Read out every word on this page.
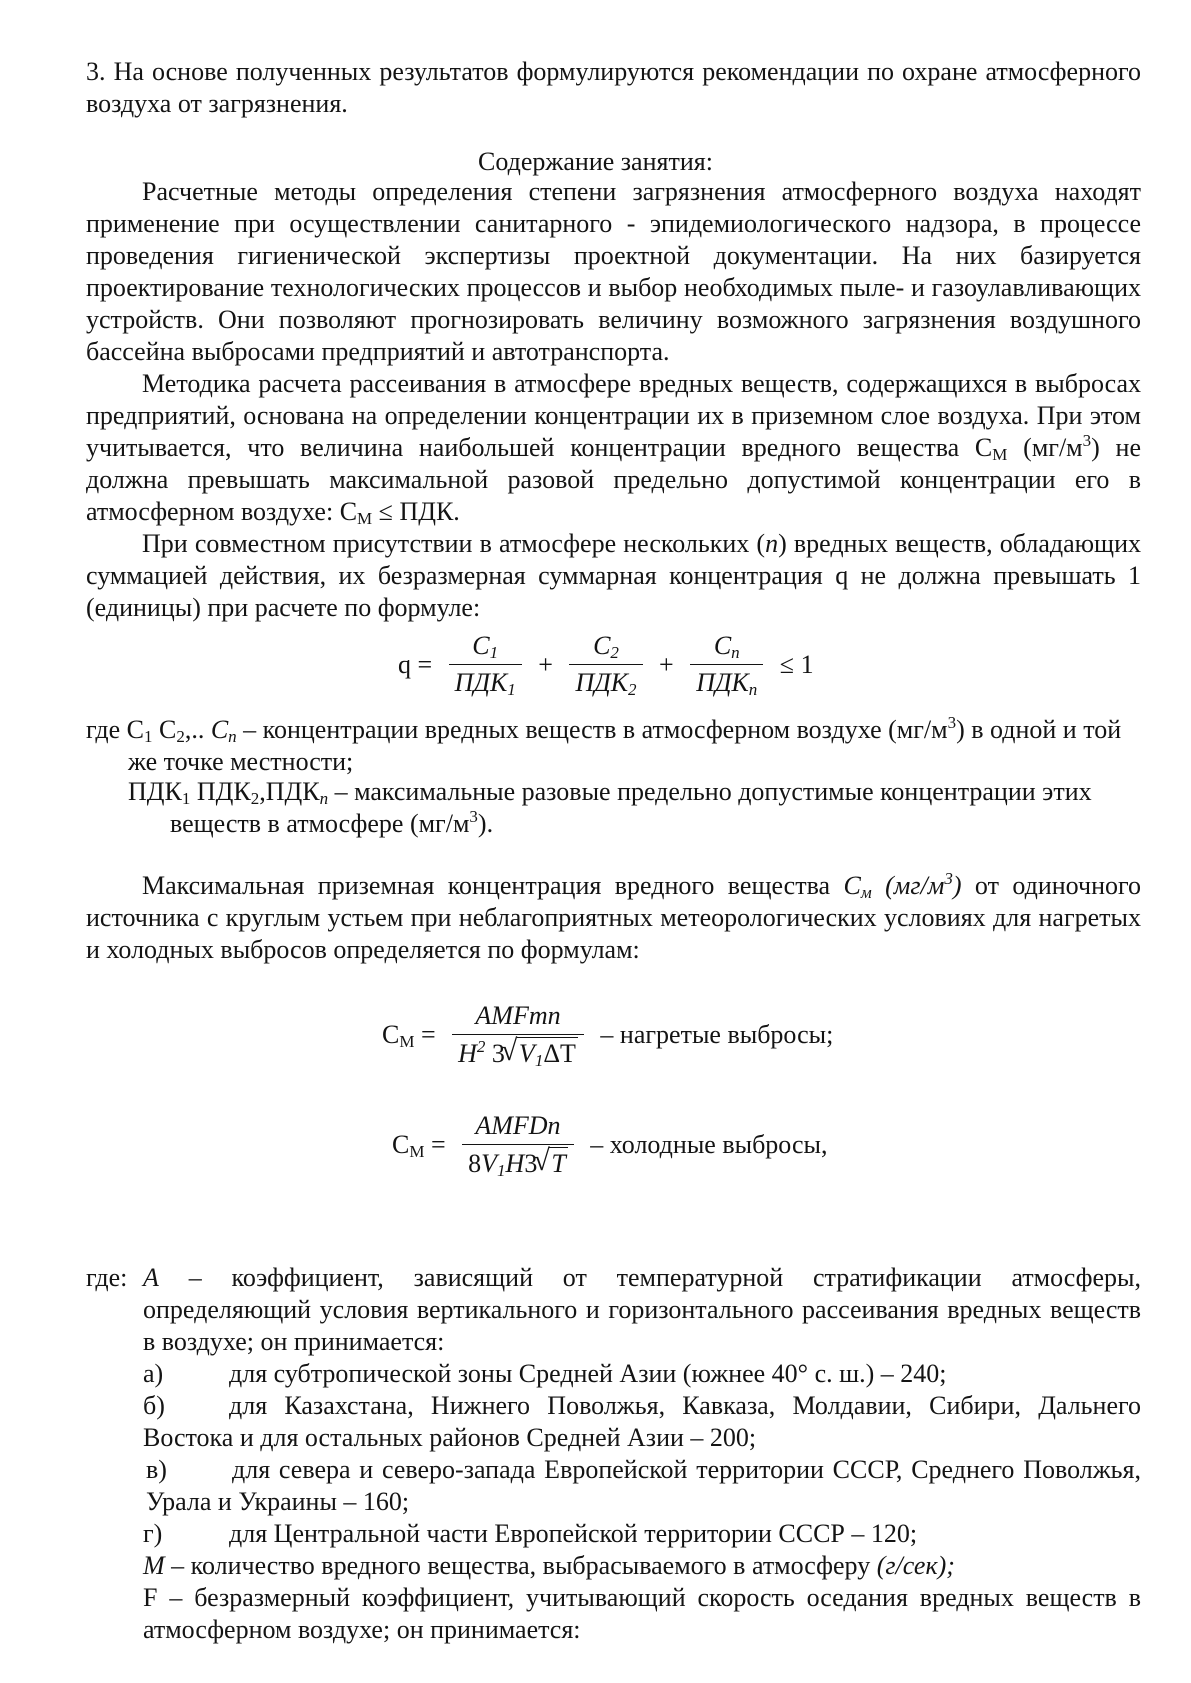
3. На основе полученных результатов формулируются рекомендации по охране атмосферного воздуха от загрязнения.
Содержание занятия:
Расчетные методы определения степени загрязнения атмосферного воздуха находят применение при осуществлении санитарного - эпидемиологического надзора, в процессе проведения гигиенической экспертизы проектной документации. На них базируется проектирование технологических процессов и выбор необходимых пыле- и газоулавливающих устройств. Они позволяют прогнозировать величину возможного загрязнения воздушного бассейна выбросами предприятий и автотранспорта.
Методика расчета рассеивания в атмосфере вредных веществ, содержащихся в выбросах предприятий, основана на определении концентрации их в приземном слое воздуха. При этом учитывается, что величина наибольшей концентрации вредного вещества $С_М$ $(мг/м^3)$ не должна превышать максимальной разовой предельно допустимой концентрации его в атмосферном воздухе: $С_М$ ≤ ПДК.
При совместном присутствии в атмосфере нескольких (n) вредных веществ, обладающих суммацией действия, их безразмерная суммарная концентрация q не должна превышать 1 (единицы) при расчете по формуле:
$q = \frac{C_1}{ПДК_1} + \frac{C_2}{ПДК_2} + \frac{C_n}{ПДК_n} \le 1$
где $С_1$ $С_2$,.. $C_n$ – концентрации вредных веществ в атмосферном воздухе $(мг/м^3)$ в одной и той же точке местности;
$ПДК_1$ $ПДК_2,ПДК_n$ – максимальные разовые предельно допустимые концентрации этих веществ в атмосфере $(мг/м^3)$.
Максимальная приземная концентрация вредного вещества $C_м$ $(мг/м^3)$ от одиночного источника с круглым устьем при неблагоприятных метеорологических условиях для нагретых и холодных выбросов определяется по формулам:
$С_М = \frac{\text{AMFmn}}{H^2 3 √ V_1\Delta T}$ – нагретые выбросы;
$С_М = \frac{\text{AMFDn}}{8V_1H3 √ T}$ – холодные выбросы,
где: A – коэффициент, зависящий от температурной стратификации атмосферы, определяющий условия вертикального и горизонтального рассеивания вредных веществ в воздухе; он принимается:
а)	для субтропической зоны Средней Азии (южнее 40° с. ш.) – 240;
б) для Казахстана, Нижнего Поволжья, Кавказа, Молдавии, Сибири, Дальнего Востока и для остальных районов Средней Азии – 200;
в)	для севера и северо-запада Европейской территории СССР, Среднего Поволжья, Урала и Украины – 160;
г)	для Центральной части Европейской территории СССР – 120;
M – количество вредного вещества, выбрасываемого в атмосферу (г/сек);
F – безразмерный коэффициент, учитывающий скорость оседания вредных веществ в атмосферном воздухе; он принимается:
